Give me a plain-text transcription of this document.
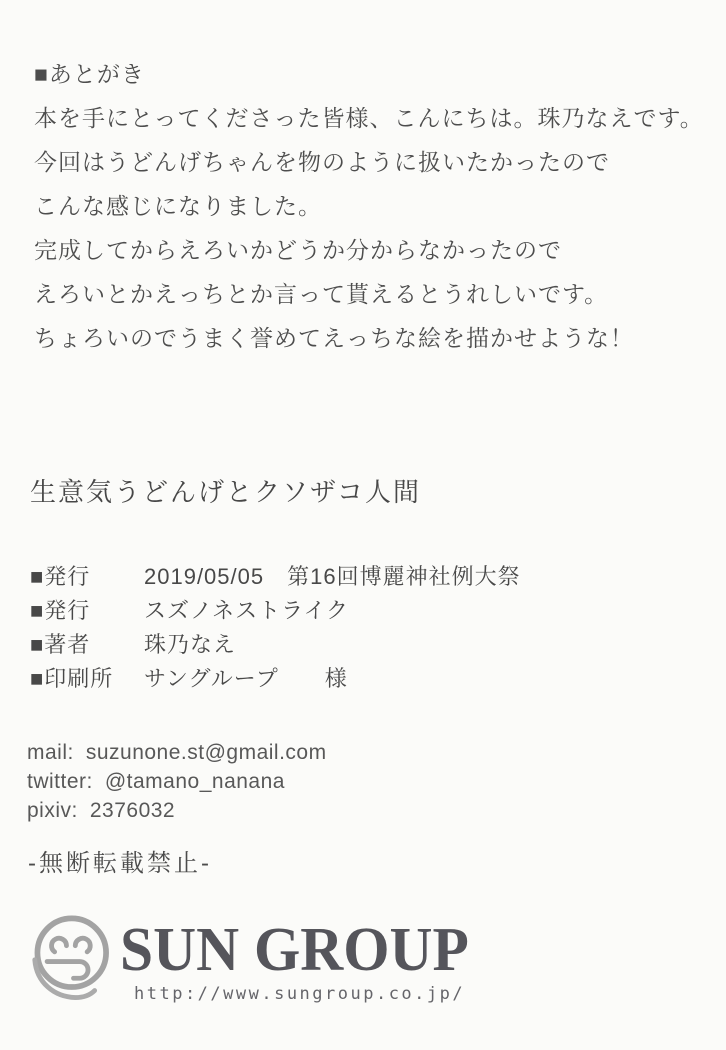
■あとがき
本を手にとってくださった皆様、こんにちは。珠乃なえです。
今回はうどんげちゃんを物のように扱いたかったので
こんな感じになりました。
完成してからえろいかどうか分からなかったので
えろいとかえっちとか言って貰えるとうれしいです。
ちょろいのでうまく誉めてえっちな絵を描かせような！
生意気うどんげとクソザコ人間
■発行	2019/05/05　第16回博麗神社例大祭
■発行	スズノネストライク
■著者	珠乃なえ
■印刷所	サングループ　　様
mail: suzunone.st@gmail.com
twitter: @tamano_nanana
pixiv: 2376032
-無断転載禁止-
SUN GROUP
http://www.sungroup.co.jp/
